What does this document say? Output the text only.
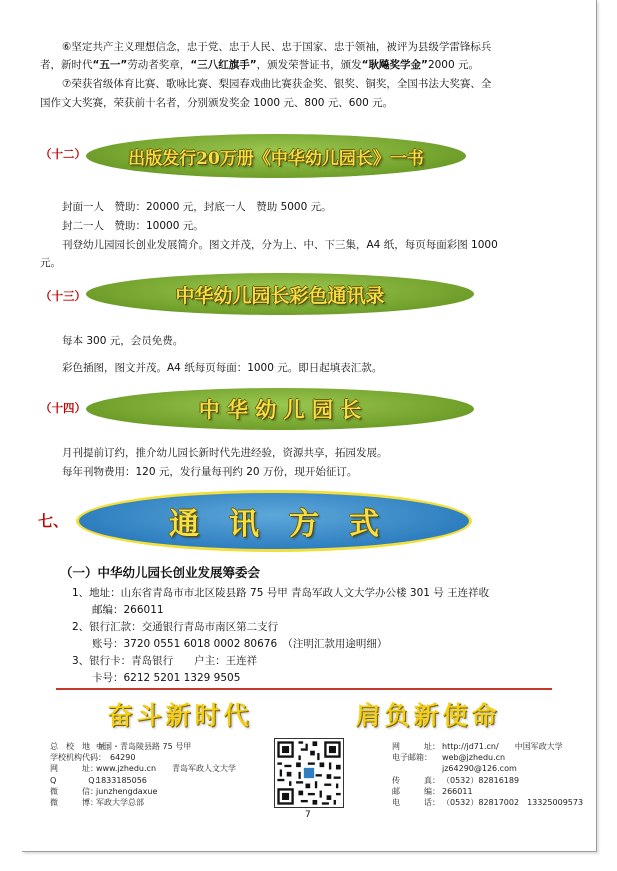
⑥坚定共产主义理想信念，忠于党、忠于人民、忠于国家、忠于领袖，被评为县级学雷锋标兵
者，新时代“五一”劳动者奖章，“三八红旗手”，颁发荣誉证书，颁发“耿飚奖学金”2000 元。
⑦荣获省级体育比赛、歌咏比赛、梨园春戏曲比赛获金奖、银奖、铜奖，全国书法大奖赛、全
国作文大奖赛，荣获前十名者，分别颁发奖金 1000 元、800 元、600 元。
（十二）	出版发行20万册《中华幼儿园长》一书
封面一人　赞助：20000 元，封底一人　赞助 5000 元。
封二一人　赞助：10000 元。
刊登幼儿园园长创业发展简介。图文并茂，分为上、中、下三集，A4 纸，每页每面彩图 1000
元。
（十三）	中华幼儿园长彩色通讯录
每本 300 元，会员免费。
彩色插图，图文并茂。A4 纸每页每面：1000 元。即日起填表汇款。
（十四）	中 华 幼 儿 园 长
月刊提前订约，推介幼儿园长新时代先进经验，资源共享，拓园发展。
每年刊物费用：120 元，发行量每刊约 20 万份，现开始征订。
七、	通　讯　方　式
（一）中华幼儿园长创业发展筹委会
1、地址：山东省青岛市市北区陵县路 75 号甲 青岛军政人文大学办公楼 301 号 王连祥收
邮编：266011
2、银行汇款：交通银行青岛市南区第二支行
账号：3720 0551 6018 0002 80676　（注明汇款用途明细）
3、银行卡：青岛银行　　户主：王连祥
卡号：6212 5201 1329 9505
奋斗新时代	肩负新使命
总　校　地　址：
中国・青岛陵县路 75 号甲
学校机构代码： 64290
网　　　址：
www.jzhedu.cn　　青岛军政人文大学
Q　　　　Q：
1833185056
微　　　信：
junzhengdaxue
微　　　博：
军政大学总部
网　　　址： http://jd71.cn/　　中国军政大学
电子邮箱：	web@jzhedu.cn
jz64290@126.com
传　　　真： （0532）82816189
邮　　　编： 266011
电　　　话： （0532）82817002　13325009573
7
